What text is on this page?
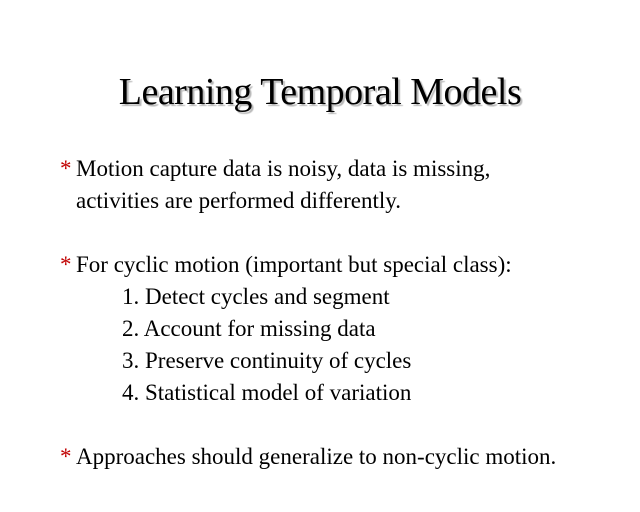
Learning Temporal Models
* Motion capture data is noisy, data is missing,
activities are performed differently.
* For cyclic motion (important but special class):
1. Detect cycles and segment
2. Account for missing data
3. Preserve continuity of cycles
4. Statistical model of variation
* Approaches should generalize to non-cyclic motion.
